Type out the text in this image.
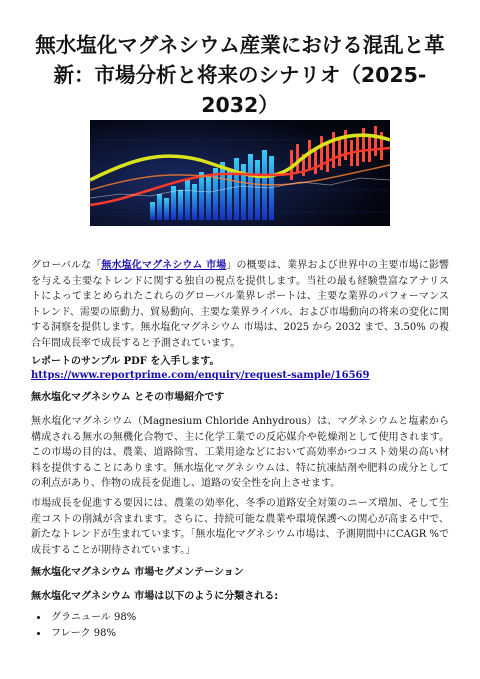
無水塩化マグネシウム産業における混乱と革
新：市場分析と将来のシナリオ（2025-2032）

グローバルな「無水塩化マグネシウム 市場」の概要は、業界および世界中の主要市場に影響を与える主要なトレンドに関する独自の視点を提供します。当社の最も経験豊富なアナリストによってまとめられたこれらのグローバル業界レポートは、主要な業界のパフォーマンス トレンド、需要の原動力、貿易動向、主要な業界ライバル、および市場動向の将来の変化に関する洞察を提供します。無水塩化マグネシウム 市場は、2025 から 2032 まで、3.50% の複合年間成長率で成長すると予測されています。

レポートのサンプル PDF を入手します。 https://www.reportprime.com/enquiry/request-sample/16569

無水塩化マグネシウム とその市場紹介です

無水塩化マグネシウム（Magnesium Chloride Anhydrous）は、マグネシウムと塩素から構成される無水の無機化合物で、主に化学工業での反応媒介や乾燥剤として使用されます。この市場の目的は、農業、道路除雪、工業用途などにおいて高効率かつコスト効果の高い材料を提供することにあります。無水塩化マグネシウムは、特に抗凍結剤や肥料の成分としての利点があり、作物の成長を促進し、道路の安全性を向上させます。

市場成長を促進する要因には、農業の効率化、冬季の道路安全対策のニーズ増加、そして生産コストの削減が含まれます。さらに、持続可能な農業や環境保護への関心が高まる中で、新たなトレンドが生まれています。「無水塩化マグネシウム市場は、予測期間中にCAGR %で成長することが期待されています。」

無水塩化マグネシウム 市場セグメンテーション

無水塩化マグネシウム 市場は以下のように分類される:

• グラニュール 98%
• フレーク 98%
